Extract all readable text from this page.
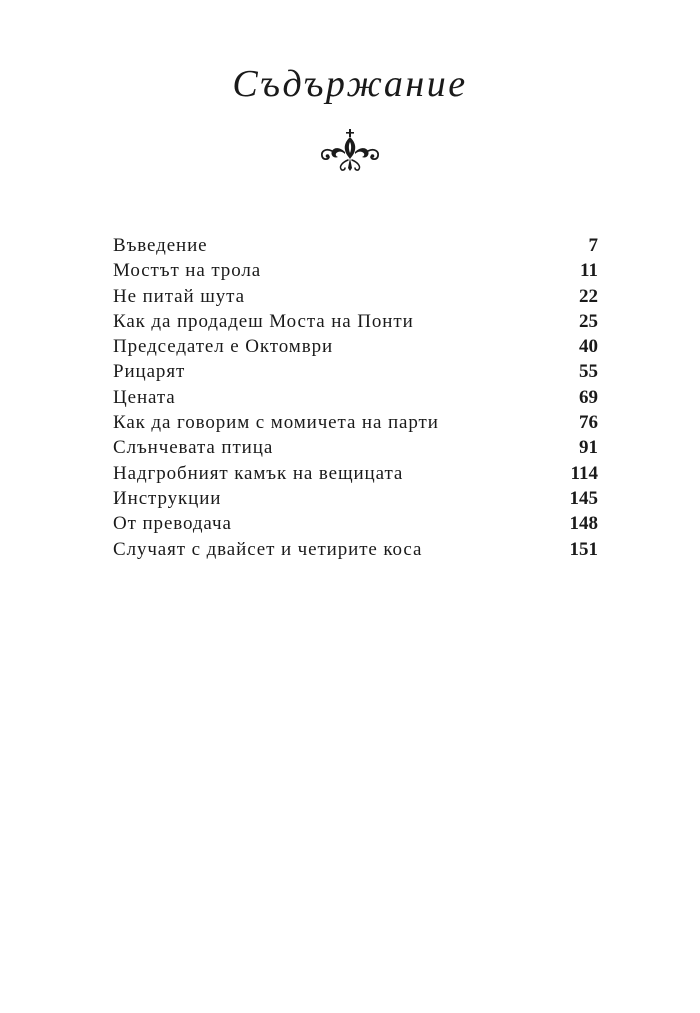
Съдържание
Въведение	7
Мостът на трола	11
Не питай шута	22
Как да продадеш Моста на Понти	25
Председател е Октомври	40
Рицарят	55
Цената	69
Как да говорим с момичета на парти	76
Слънчевата птица	91
Надгробният камък на вещицата	114
Инструкции	145
От преводача	148
Случаят с двайсет и четирите коса	151
